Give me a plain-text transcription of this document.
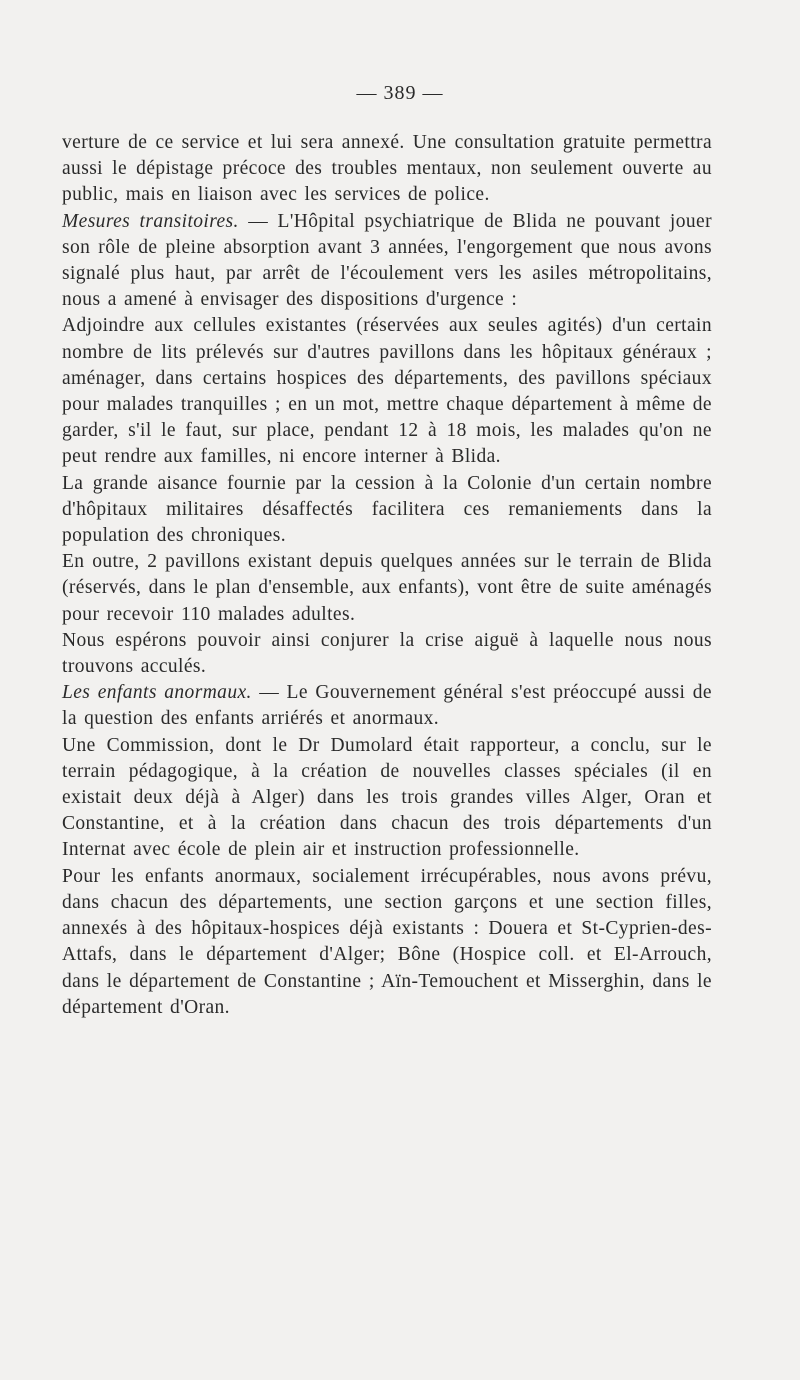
— 389 —

verture de ce service et lui sera annexé. Une consultation gratuite permettra aussi le dépistage précoce des troubles mentaux, non seulement ouverte au public, mais en liaison avec les services de police.

Mesures transitoires. — L'Hôpital psychiatrique de Blida ne pouvant jouer son rôle de pleine absorption avant 3 années, l'engorgement que nous avons signalé plus haut, par arrêt de l'écoulement vers les asiles métropolitains, nous a amené à envisager des dispositions d'urgence :

Adjoindre aux cellules existantes (réservées aux seules agités) d'un certain nombre de lits prélevés sur d'autres pavillons dans les hôpitaux généraux ; aménager, dans certains hospices des départements, des pavillons spéciaux pour malades tranquilles ; en un mot, mettre chaque département à même de garder, s'il le faut, sur place, pendant 12 à 18 mois, les malades qu'on ne peut rendre aux familles, ni encore interner à Blida.

La grande aisance fournie par la cession à la Colonie d'un certain nombre d'hôpitaux militaires désaffectés facilitera ces remaniements dans la population des chroniques.

En outre, 2 pavillons existant depuis quelques années sur le terrain de Blida (réservés, dans le plan d'ensemble, aux enfants), vont être de suite aménagés pour recevoir 110 malades adultes.

Nous espérons pouvoir ainsi conjurer la crise aiguë à laquelle nous nous trouvons acculés.

Les enfants anormaux. — Le Gouvernement général s'est préoccupé aussi de la question des enfants arriérés et anormaux.

Une Commission, dont le Dr Dumolard était rapporteur, a conclu, sur le terrain pédagogique, à la création de nouvelles classes spéciales (il en existait deux déjà à Alger) dans les trois grandes villes Alger, Oran et Constantine, et à la création dans chacun des trois départements d'un Internat avec école de plein air et instruction professionnelle.

Pour les enfants anormaux, socialement irrécupérables, nous avons prévu, dans chacun des départements, une section garçons et une section filles, annexés à des hôpitaux-hospices déjà existants : Douera et St-Cyprien-des-Attafs, dans le département d'Alger; Bône (Hospice coll. et El-Arrouch, dans le département de Constantine ; Aïn-Temouchent et Misserghin, dans le département d'Oran.
